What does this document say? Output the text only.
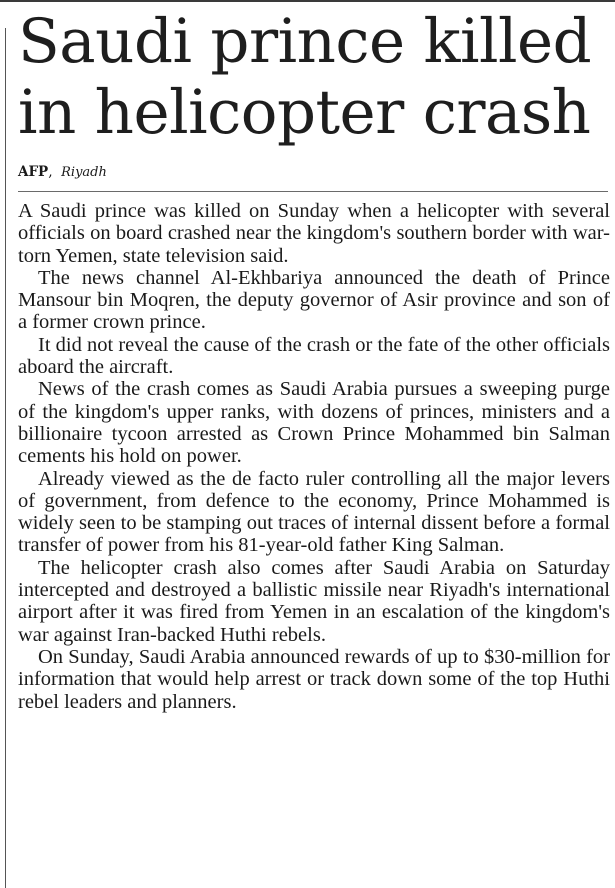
Saudi prince killed in helicopter crash
AFP, Riyadh

A Saudi prince was killed on Sunday when a helicopter with several officials on board crashed near the kingdom's southern border with war-torn Yemen, state television said.

The news channel Al-Ekhbariya announced the death of Prince Mansour bin Moqren, the deputy governor of Asir province and son of a former crown prince.

It did not reveal the cause of the crash or the fate of the other officials aboard the aircraft.

News of the crash comes as Saudi Arabia pursues a sweeping purge of the kingdom's upper ranks, with dozens of princes, ministers and a billionaire tycoon arrested as Crown Prince Mohammed bin Salman cements his hold on power.

Already viewed as the de facto ruler controlling all the major levers of government, from defence to the economy, Prince Mohammed is widely seen to be stamping out traces of internal dissent before a formal transfer of power from his 81-year-old father King Salman.

The helicopter crash also comes after Saudi Arabia on Saturday intercepted and destroyed a ballistic missile near Riyadh's international airport after it was fired from Yemen in an escalation of the kingdom's war against Iran-backed Huthi rebels.

On Sunday, Saudi Arabia announced rewards of up to $30-million for information that would help arrest or track down some of the top Huthi rebel leaders and planners.
